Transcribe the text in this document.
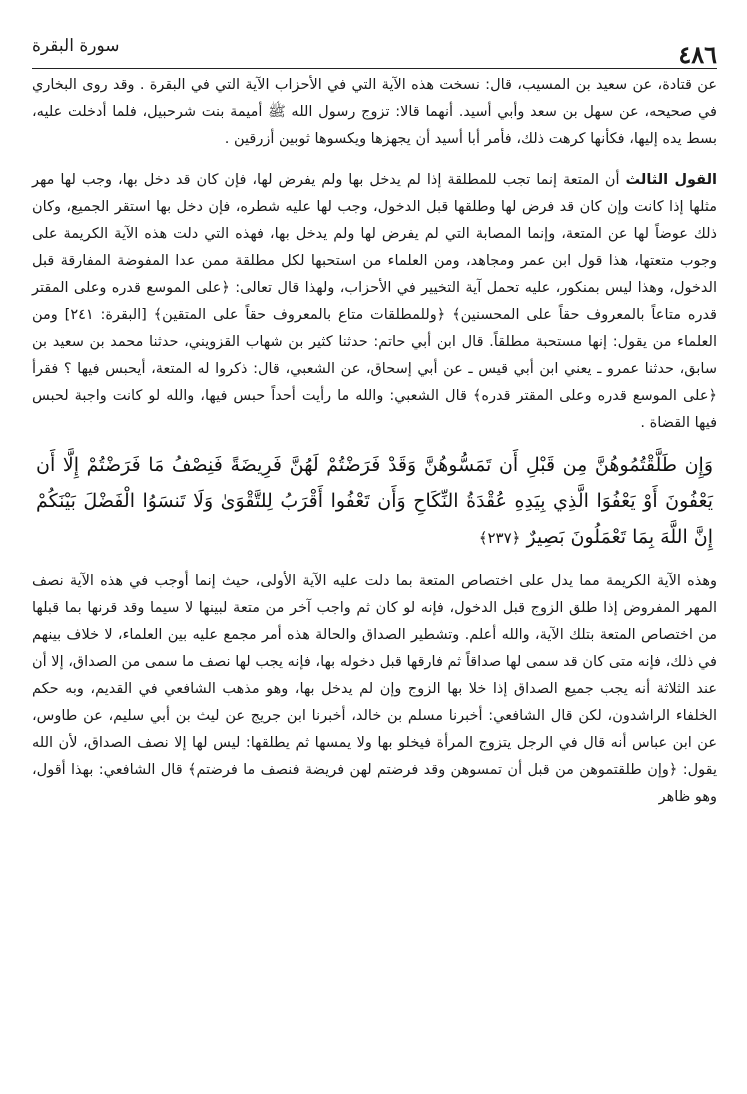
٤٨٦
سورة البقرة

عن قتادة، عن سعيد بن المسيب، قال: نسخت هذه الآية التي في الأحزاب الآية التي في البقرة . وقد روى البخاري في صحيحه، عن سهل بن سعد وأبي أسيد. أنهما قالا: تزوج رسول الله ﷺ أميمة بنت شرحبيل، فلما أدخلت عليه، بسط يده إليها، فكأنها كرهت ذلك، فأمر أبا أسيد أن يجهزها ويكسوها ثوبين أزرقين .

القول الثالث أن المتعة إنما تجب للمطلقة إذا لم يدخل بها ولم يفرض لها، فإن كان قد دخل بها، وجب لها مهر مثلها إذا كانت وإن كان قد فرض لها وطلقها قبل الدخول، وجب لها عليه شطره، فإن دخل بها استقر الجميع، وكان ذلك عوضاً لها عن المتعة، وإنما المصابة التي لم يفرض لها ولم يدخل بها، فهذه التي دلت هذه الآية الكريمة على وجوب متعتها، هذا قول ابن عمر ومجاهد، ومن العلماء من استحبها لكل مطلقة ممن عدا المفوضة المفارقة قبل الدخول، وهذا ليس بمنكور، عليه تحمل آية التخيير في الأحزاب، ولهذا قال تعالى: ﴿على الموسع قدره وعلى المقتر قدره متاعاً بالمعروف حقاً على المحسنين﴾ ﴿وللمطلقات متاع بالمعروف حقاً على المتقين﴾ [البقرة: ٢٤١] ومن العلماء من يقول: إنها مستحبة مطلقاً. قال ابن أبي حاتم: حدثنا كثير بن شهاب القزويني، حدثنا محمد بن سعيد بن سابق، حدثنا عمرو ـ يعني ابن أبي قيس ـ عن أبي إسحاق، عن الشعبي، قال: ذكروا له المتعة، أيحبس فيها ؟ فقرأ ﴿على الموسع قدره وعلى المقتر قدره﴾ قال الشعبي: والله ما رأيت أحداً حبس فيها، والله لو كانت واجبة لحبس فيها القضاة .

وَإِن طَلَّقْتُمُوهُنَّ مِن قَبْلِ أَن تَمَسُّوهُنَّ وَقَدْ فَرَضْتُمْ لَهُنَّ فَرِيضَةً فَنِصْفُ مَا فَرَضْتُمْ إِلَّا أَن يَعْفُونَ أَوْ يَعْفُوَا الَّذِي بِيَدِهِ عُقْدَةُ النِّكَاحِ وَأَن تَعْفُوا أَقْرَبُ لِلتَّقْوَىٰ وَلَا تَنسَوُا الْفَضْلَ بَيْنَكُمْ إِنَّ اللَّهَ بِمَا تَعْمَلُونَ بَصِيرٌ ﴿٢٣٧﴾

وهذه الآية الكريمة مما يدل على اختصاص المتعة بما دلت عليه الآية الأولى، حيث إنما أوجب في هذه الآية نصف المهر المفروض إذا طلق الزوج قبل الدخول، فإنه لو كان ثم واجب آخر من متعة لبينها لا سيما وقد قرنها بما قبلها من اختصاص المتعة بتلك الآية، والله أعلم. وتشطير الصداق والحالة هذه أمر مجمع عليه بين العلماء، لا خلاف بينهم في ذلك، فإنه متى كان قد سمى لها صداقاً ثم فارقها قبل دخوله بها، فإنه يجب لها نصف ما سمى من الصداق، إلا أن عند الثلاثة أنه يجب جميع الصداق إذا خلا بها الزوج وإن لم يدخل بها، وهو مذهب الشافعي في القديم، وبه حكم الخلفاء الراشدون، لكن قال الشافعي: أخبرنا مسلم بن خالد، أخبرنا ابن جريج عن ليث بن أبي سليم، عن طاوس، عن ابن عباس أنه قال في الرجل يتزوج المرأة فيخلو بها ولا يمسها ثم يطلقها: ليس لها إلا نصف الصداق، لأن الله يقول: ﴿وإن طلقتموهن من قبل أن تمسوهن وقد فرضتم لهن فريضة فنصف ما فرضتم﴾ قال الشافعي: بهذا أقول، وهو ظاهر
